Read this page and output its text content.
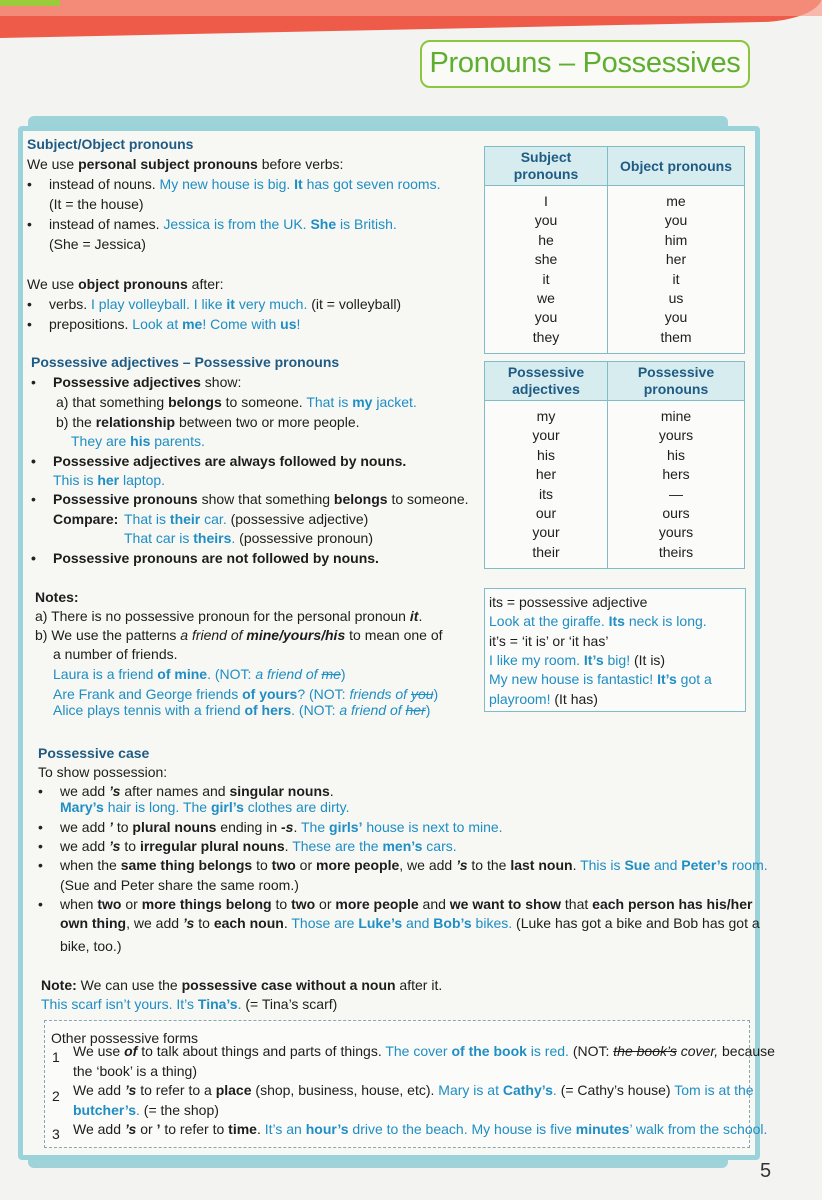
Pronouns – Possessives
Subject/Object pronouns
We use personal subject pronouns before verbs:
• instead of nouns. My new house is big. It has got seven rooms.
(It = the house)
• instead of names. Jessica is from the UK. She is British.
(She = Jessica)
We use object pronouns after:
• verbs. I play volleyball. I like it very much. (it = volleyball)
• prepositions. Look at me! Come with us!
Subject pronouns	Object pronouns
I	me
you	you
he	him
she	her
it	it
we	us
you	you
they	them
Possessive adjectives – Possessive pronouns
• Possessive adjectives show:
a) that something belongs to someone. That is my jacket.
b) the relationship between two or more people.
They are his parents.
• Possessive adjectives are always followed by nouns.
This is her laptop.
• Possessive pronouns show that something belongs to someone.
Compare: That is their car. (possessive adjective)
That car is theirs. (possessive pronoun)
• Possessive pronouns are not followed by nouns.
Possessive adjectives	Possessive pronouns
my	mine
your	yours
his	his
her	hers
its	—
our	ours
your	yours
their	theirs
Notes:
a) There is no possessive pronoun for the personal pronoun it.
b) We use the patterns a friend of mine/yours/his to mean one of
a number of friends.
Laura is a friend of mine. (NOT: a friend of me)
Are Frank and George friends of yours? (NOT: friends of you)
Alice plays tennis with a friend of hers. (NOT: a friend of her)
its = possessive adjective
Look at the giraffe. Its neck is long.
it’s = ‘it is’ or ‘it has’
I like my room. It’s big! (It is)
My new house is fantastic! It’s got a
playroom! (It has)
Possessive case
To show possession:
• we add ’s after names and singular nouns.
Mary’s hair is long. The girl’s clothes are dirty.
• we add ’ to plural nouns ending in -s. The girls’ house is next to mine.
• we add ’s to irregular plural nouns. These are the men’s cars.
• when the same thing belongs to two or more people, we add ’s to the last noun. This is Sue and Peter’s room.
(Sue and Peter share the same room.)
• when two or more things belong to two or more people and we want to show that each person has his/her
own thing, we add ’s to each noun. Those are Luke’s and Bob’s bikes. (Luke has got a bike and Bob has got a
bike, too.)
Note: We can use the possessive case without a noun after it.
This scarf isn’t yours. It’s Tina’s. (= Tina’s scarf)
Other possessive forms
1 We use of to talk about things and parts of things. The cover of the book is red. (NOT: the book’s cover, because
the ‘book’ is a thing)
2 We add ’s to refer to a place (shop, business, house, etc). Mary is at Cathy’s. (= Cathy’s house) Tom is at the
butcher’s. (= the shop)
3 We add ’s or ’ to refer to time. It’s an hour’s drive to the beach. My house is five minutes’ walk from the school.
5
